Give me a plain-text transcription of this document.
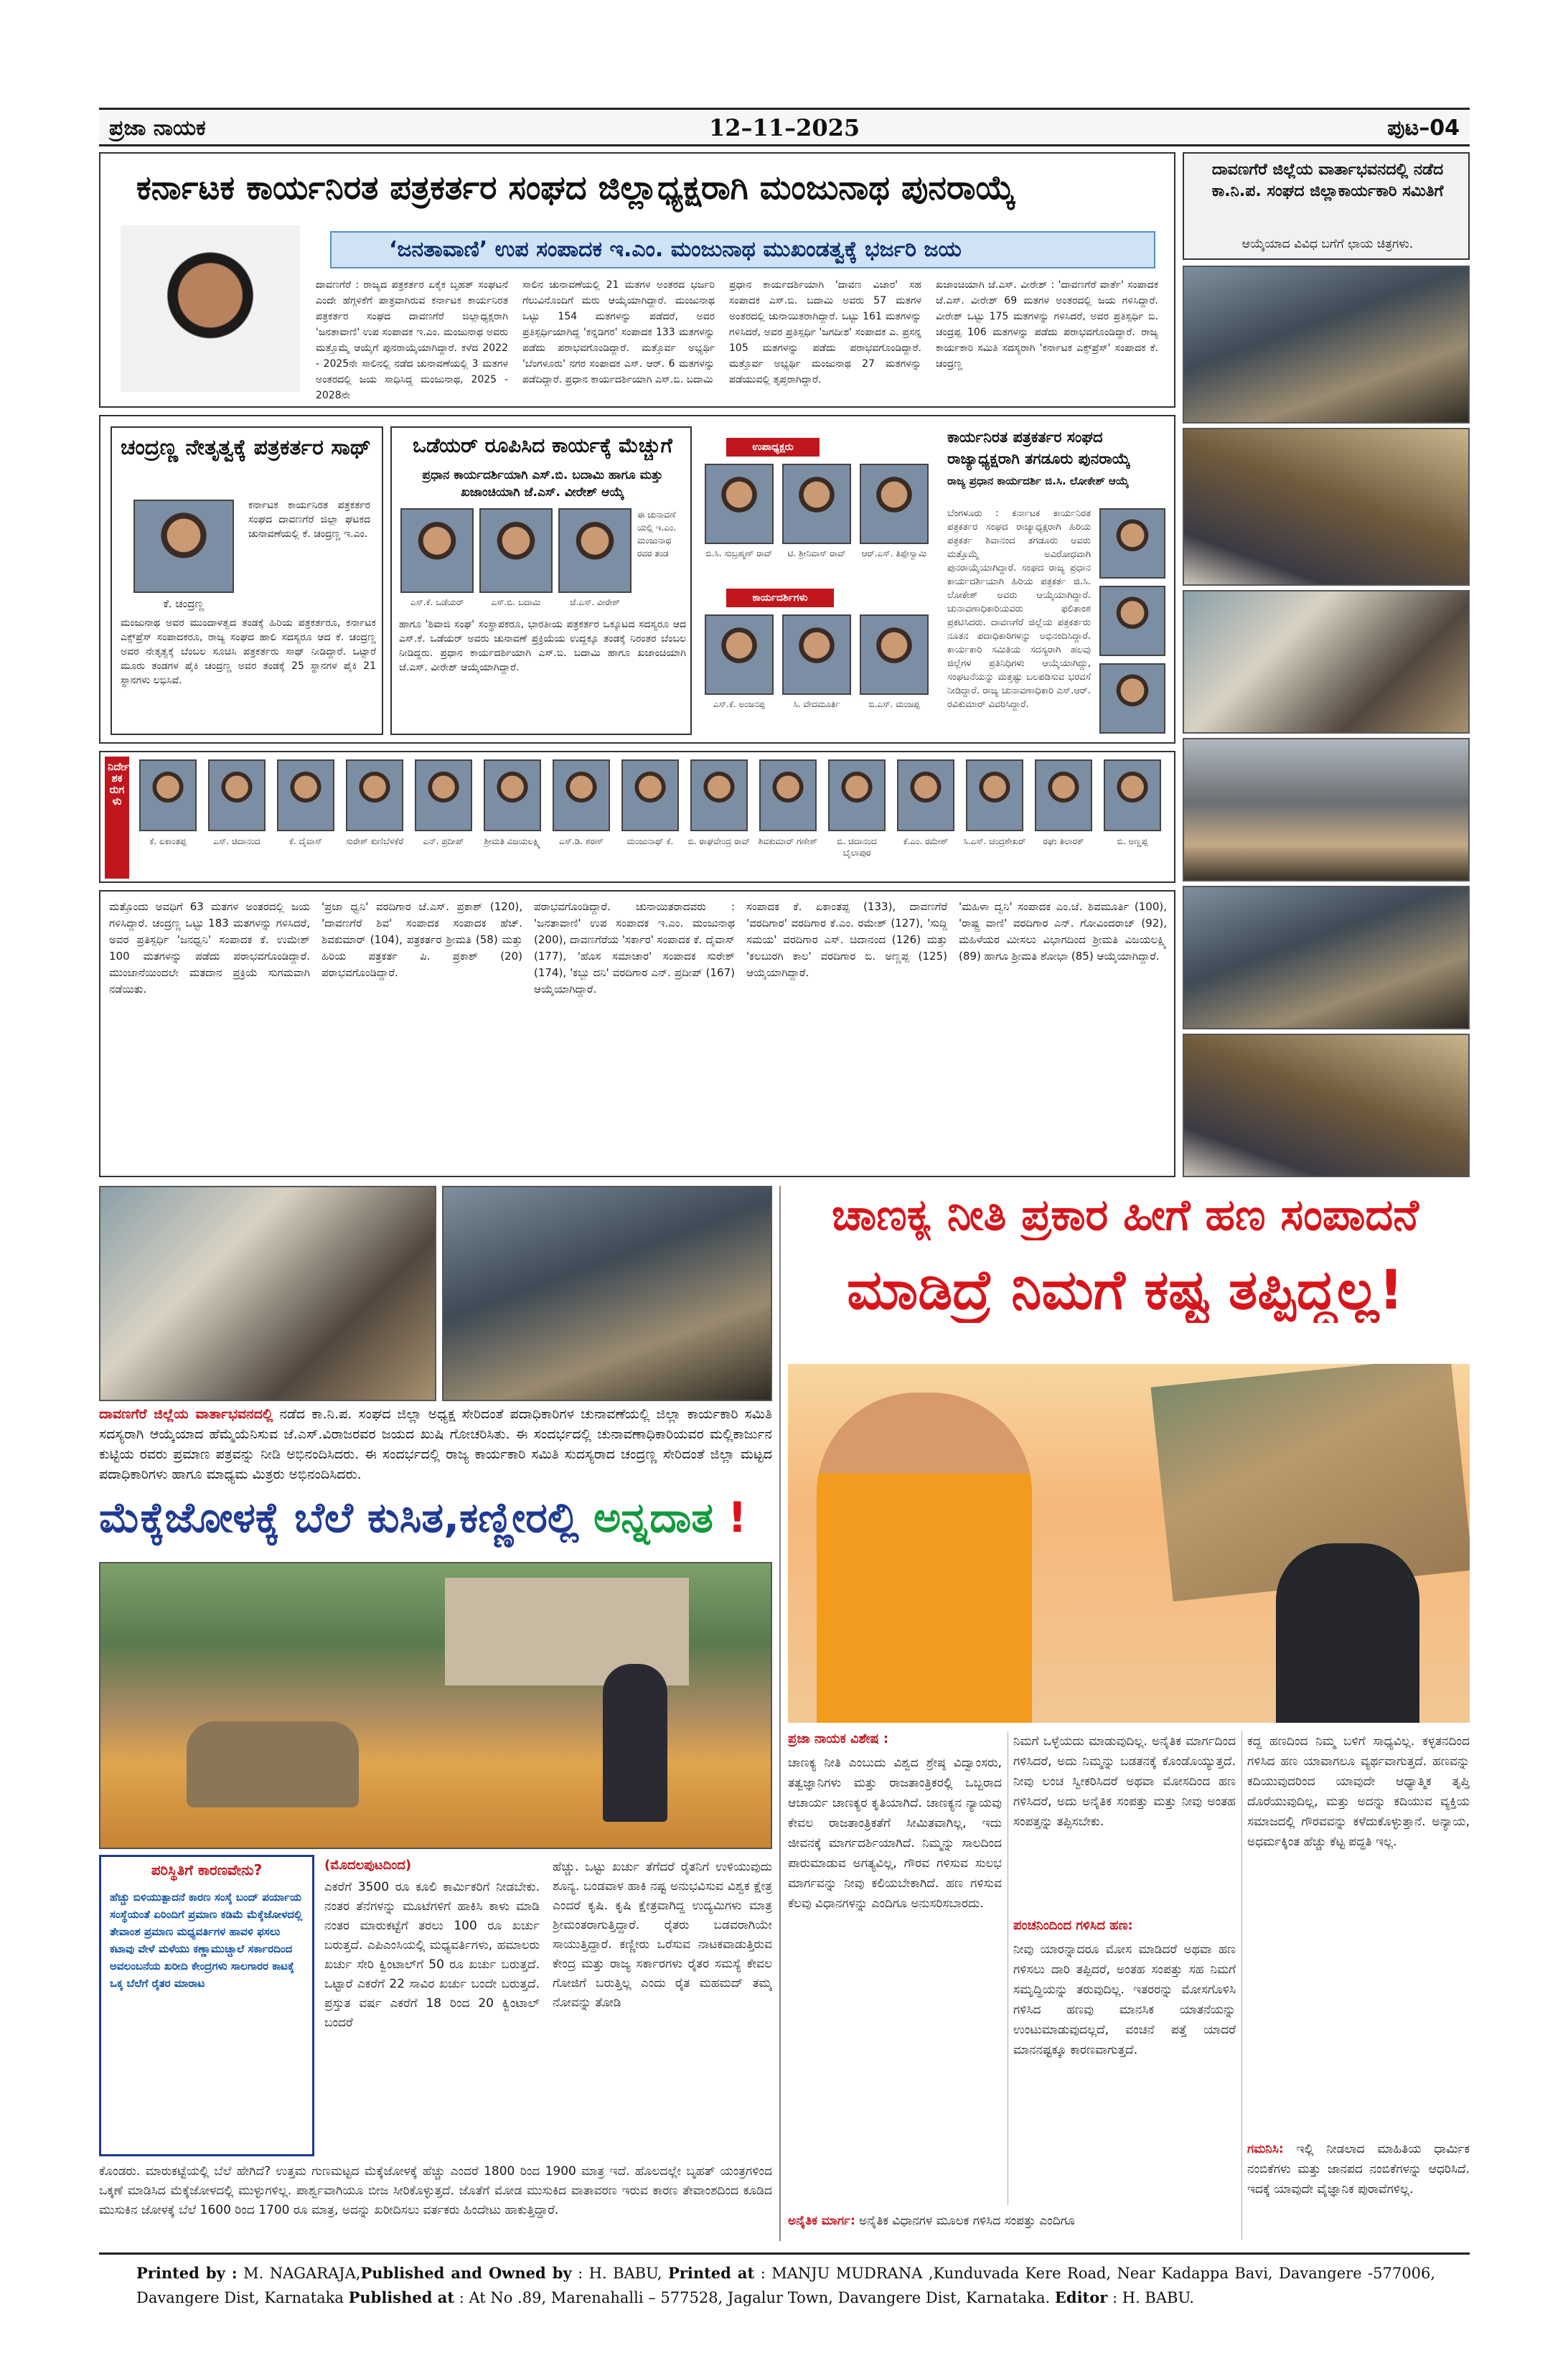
ಪ್ರಜಾ ನಾಯಕ	12–11–2025	ಪುಟ–04
ಕರ್ನಾಟಕ ಕಾರ್ಯನಿರತ ಪತ್ರಕರ್ತರ ಸಂಘದ ಜಿಲ್ಲಾಧ್ಯಕ್ಷರಾಗಿ ಮಂಜುನಾಥ ಪುನರಾಯ್ಕೆ
‘ಜನತಾವಾಣಿ’ ಉಪ ಸಂಪಾದಕ ಇ.ಎಂ. ಮಂಜುನಾಥ ಮುಖಂಡತ್ವಕ್ಕೆ ಭರ್ಜರಿ ಜಯ
ದಾವಣಗೆರೆ : ರಾಜ್ಯದ ಪತ್ರಕರ್ತರ ಏಕೈಕ ಬೃಹತ್ ಸಂಘಟನೆ ಎಂದೇ ಹೆಗ್ಗಳಿಕೆಗೆ ಪಾತ್ರವಾಗಿರುವ ಕರ್ನಾಟಕ ಕಾರ್ಯನಿರತ ಪತ್ರಕರ್ತರ ಸಂಘದ ದಾವಣಗೆರೆ ಜಿಲ್ಲಾಧ್ಯಕ್ಷರಾಗಿ 'ಜನತಾವಾಣಿ' ಉಪ ಸಂಪಾದಕ ಇ.ಎಂ. ಮಂಜುನಾಥ ಅವರು ಮತ್ತೊಮ್ಮೆ ಆಯ್ಕೆಗೆ ಪುನರಾಯ್ಕೆಯಾಗಿದ್ದಾರೆ. ಕಳೆದ 2022 - 2025ನೇ ಸಾಲಿನಲ್ಲಿ ನಡೆದ ಚುನಾವಣೆಯಲ್ಲಿ 3 ಮತಗಳ ಅಂತರದಲ್ಲಿ ಜಯ ಸಾಧಿಸಿದ್ದ ಮಂಜುನಾಥ, 2025 - 2028ನೇ
ಸಾಲಿನ ಚುನಾವಣೆಯಲ್ಲಿ 21 ಮತಗಳ ಅಂತರದ ಭರ್ಜರಿ ಗೆಲುವಿನೊಂದಿಗೆ ಮರು ಆಯ್ಕೆಯಾಗಿದ್ದಾರೆ. ಮಂಜುನಾಥ ಒಟ್ಟು 154 ಮತಗಳನ್ನು ಪಡೆದರೆ, ಅವರ ಪ್ರತಿಸ್ಪರ್ಧಿಯಾಗಿದ್ದ 'ಕನ್ನಡಿಗರ' ಸಂಪಾದಕ 133 ಮತಗಳನ್ನು ಪಡೆದು ಪರಾಭವಗೊಂಡಿದ್ದಾರೆ. ಮತ್ತೊರ್ವ ಅಭ್ಯರ್ಥಿ 'ಬೆಂಗಳೂರು' ನಗರ ಸಂಪಾದಕ ಎಸ್. ಆರ್. 6 ಮತಗಳನ್ನು ಪಡೆದಿದ್ದಾರೆ. ಪ್ರಧಾನ ಕಾರ್ಯದರ್ಶಿಯಾಗಿ ಎಸ್.ಬಿ. ಬದಾಮಿ
ಪ್ರಧಾನ ಕಾರ್ಯದರ್ಶಿಯಾಗಿ 'ದಾವಣ ವಿಜಾರ' ಸಹ ಸಂಪಾದಕ ಎಸ್.ಬಿ. ಬದಾಮಿ ಅವರು 57 ಮತಗಳ ಅಂತರದಲ್ಲಿ ಚುನಾಯಿತರಾಗಿದ್ದಾರೆ. ಒಟ್ಟು 161 ಮತಗಳನ್ನು ಗಳಿಸಿದರೆ, ಅವರ ಪ್ರತಿಸ್ಪರ್ಧಿ 'ಜಗದೀಶ' ಸಂಪಾದಕ ಎ. ಪ್ರಸನ್ನ 105 ಮತಗಳನ್ನು ಪಡೆದು ಪರಾಭವಗೊಂಡಿದ್ದಾರೆ. ಮತ್ತೊರ್ವ ಅಭ್ಯರ್ಥಿ ಮಂಜುನಾಥ 27 ಮತಗಳನ್ನು ಪಡೆಯುವಲ್ಲಿ ತೃಪ್ತರಾಗಿದ್ದಾರೆ.
ಖಜಾಂಚಿಯಾಗಿ ಜೆ.ಎಸ್. ವೀರೇಶ್ : 'ದಾವಣಗೆರೆ ವಾರ್ತೆ' ಸಂಪಾದಕ ಜೆ.ಎಸ್. ವೀರೇಶ್ 69 ಮತಗಳ ಅಂತರದಲ್ಲಿ ಜಯ ಗಳಿಸಿದ್ದಾರೆ. ವೀರೇಶ್ ಒಟ್ಟು 175 ಮತಗಳನ್ನು ಗಳಿಸಿದರೆ, ಅವರ ಪ್ರತಿಸ್ಪರ್ಧಿ ಬಿ. ಚಂದ್ರಪ್ಪ 106 ಮತಗಳನ್ನು ಪಡೆದು ಪರಾಭವಗೊಂಡಿದ್ದಾರೆ. ರಾಜ್ಯ ಕಾರ್ಯಕಾರಿ ಸಮಿತಿ ಸದಸ್ಯರಾಗಿ 'ಕರ್ನಾಟಕ ಎಕ್ಸ್‌ಪ್ರೆಸ್' ಸಂಪಾದಕ ಕೆ. ಚಂದ್ರಣ್ಣ
ದಾವಣಗೆರೆ ಜಿಲ್ಲೆಯ ವಾರ್ತಾಭವನದಲ್ಲಿ ನಡೆದ ಕಾ.ನಿ.ಪ. ಸಂಘದ ಜಿಲ್ಲಾಕಾರ್ಯಕಾರಿ ಸಮಿತಿಗೆ
ಆಯ್ಕೆಯಾದ ವಿವಿಧ ಬಗೆಗೆ ಛಾಯ ಚಿತ್ರಗಳು.
ಚಂದ್ರಣ್ಣ ನೇತೃತ್ವಕ್ಕೆ ಪತ್ರಕರ್ತರ ಸಾಥ್
ಕೆ. ಚಂದ್ರಣ್ಣ
ಕರ್ನಾಟಕ ಕಾರ್ಯನಿರತ ಪತ್ರಕರ್ತರ ಸಂಘದ ದಾವಣಗೆರೆ ಜಿಲ್ಲಾ ಘಟಕದ ಚುನಾವಣೆಯಲ್ಲಿ ಕೆ. ಚಂದ್ರಣ್ಣ ಇ.ಎಂ.
ಮಂಜುನಾಥ ಅವರ ಮುಂದಾಳತ್ವದ ತಂಡಕ್ಕೆ ಹಿರಿಯ ಪತ್ರಕರ್ತರೂ, ಕರ್ನಾಟಕ ಎಕ್ಸ್‌ಪ್ರೆಸ್ ಸಂಪಾದಕರೂ, ರಾಜ್ಯ ಸಂಘದ ಹಾಲಿ ಸದಸ್ಯರೂ ಆದ ಕೆ. ಚಂದ್ರಣ್ಣ ಅವರ ನೇತೃತ್ವಕ್ಕೆ ಬೆಂಬಲ ಸೂಚಿಸಿ ಪತ್ರಕರ್ತರು ಸಾಥ್ ನೀಡಿದ್ದಾರೆ. ಒಟ್ಟಾರೆ ಮೂರು ತಂಡಗಳ ಪೈಕಿ ಚಂದ್ರಣ್ಣ ಅವರ ತಂಡಕ್ಕೆ 25 ಸ್ಥಾನಗಳ ಪೈಕಿ 21 ಸ್ಥಾನಗಳು ಲಭಿಸಿವೆ.
ಒಡೆಯರ್ ರೂಪಿಸಿದ ಕಾರ್ಯಕ್ಕೆ ಮೆಚ್ಚುಗೆ
ಪ್ರಧಾನ ಕಾರ್ಯದರ್ಶಿಯಾಗಿ ಎಸ್.ಬಿ. ಬದಾಮಿ ಹಾಗೂ ಮತ್ತು ಖಜಾಂಚಿಯಾಗಿ ಜೆ.ಎಸ್. ವೀರೇಶ್ ಆಯ್ಕೆ
ಎಸ್.ಕೆ. ಒಡೆಯರ್	ಎಸ್.ಬಿ. ಬದಾಮಿ	ಜೆ.ಎಸ್. ವೀರೇಶ್
ಈ ಚುನಾವಣೆ ಯಲ್ಲಿ ಇ.ಎಂ. ಮಂಜುನಾಥ ರವರ ತಂಡ
ಹಾಗೂ 'ಶಿವಾಜಿ ಸಂಘ' ಸಂಸ್ಥಾಪಕರೂ, ಭಾರತೀಯ ಪತ್ರಕರ್ತರ ಒಕ್ಕೂಟದ ಸದಸ್ಯರೂ ಆದ ಎಸ್.ಕೆ. ಒಡೆಯರ್ ಅವರು ಚುನಾವಣೆ ಪ್ರಕ್ರಿಯೆಯ ಉದ್ದಕ್ಕೂ ತಂಡಕ್ಕೆ ನಿರಂತರ ಬೆಂಬಲ ನೀಡಿದ್ದರು. ಪ್ರಧಾನ ಕಾರ್ಯದರ್ಶಿಯಾಗಿ ಎಸ್.ಬಿ. ಬದಾಮಿ ಹಾಗೂ ಖಜಾಂಚಿಯಾಗಿ ಜೆ.ಎಸ್. ವೀರೇಶ್ ಆಯ್ಕೆಯಾಗಿದ್ದಾರೆ.
ಉಪಾಧ್ಯಕ್ಷರು
ಬಿ.ಸಿ. ಸುಬ್ರಹ್ಮಣ್ ರಾವ್	ಟಿ. ಶ್ರೀನಿವಾಸ್ ರಾವ್	ಆರ್.ಎಸ್. ತಿಪ್ಪೇಸ್ವಾಮಿ
ಕಾರ್ಯದರ್ಶಿಗಳು
ಎಸ್.ಕೆ. ಅಂಜನಪ್ಪ	ಸಿ. ವೇದಮೂರ್ತಿ	ಬಿ.ಎಸ್. ಮಂಜಪ್ಪ
ಕಾರ್ಯನಿರತ ಪತ್ರಕರ್ತರ ಸಂಘದ ರಾಜ್ಯಾಧ್ಯಕ್ಷರಾಗಿ ತಗಡೂರು ಪುನರಾಯ್ಕೆ
ರಾಜ್ಯ ಪ್ರಧಾನ ಕಾರ್ಯದರ್ಶಿ ಜಿ.ಸಿ. ಲೋಕೇಶ್ ಆಯ್ಕೆ
ಬೆಂಗಳೂರು : ಕರ್ನಾಟಕ ಕಾರ್ಯನಿರತ ಪತ್ರಕರ್ತರ ಸಂಘದ ರಾಜ್ಯಾಧ್ಯಕ್ಷರಾಗಿ ಹಿರಿಯ ಪತ್ರಕರ್ತ ಶಿವಾನಂದ ತಗಡೂರು ಅವರು ಮತ್ತೊಮ್ಮೆ ಅವಿರೋಧವಾಗಿ ಪುನರಾಯ್ಕೆಯಾಗಿದ್ದಾರೆ. ಸಂಘದ ರಾಜ್ಯ ಪ್ರಧಾನ ಕಾರ್ಯದರ್ಶಿಯಾಗಿ ಹಿರಿಯ ಪತ್ರಕರ್ತ ಜಿ.ಸಿ. ಲೋಕೇಶ್ ಅವರು ಆಯ್ಕೆಯಾಗಿದ್ದಾರೆ. ಚುನಾವಣಾಧಿಕಾರಿಯವರು ಫಲಿತಾಂಶ ಪ್ರಕಟಿಸಿದರು. ದಾವಣಗೆರೆ ಜಿಲ್ಲೆಯ ಪತ್ರಕರ್ತರು ನೂತನ ಪದಾಧಿಕಾರಿಗಳನ್ನು ಅಭಿನಂದಿಸಿದ್ದಾರೆ. ಕಾರ್ಯಕಾರಿ ಸಮಿತಿಯ ಸದಸ್ಯರಾಗಿ ಹಲವು ಜಿಲ್ಲೆಗಳ ಪ್ರತಿನಿಧಿಗಳು ಆಯ್ಕೆಯಾಗಿದ್ದು, ಸಂಘಟನೆಯನ್ನು ಮತ್ತಷ್ಟು ಬಲಪಡಿಸುವ ಭರವಸೆ ನೀಡಿದ್ದಾರೆ. ರಾಜ್ಯ ಚುನಾವಣಾಧಿಕಾರಿ ಎಸ್.ಆರ್. ರವಿಕುಮಾರ್ ವಿವರಿಸಿದ್ದಾರೆ.
ನಿರ್ದೇಶಕರುಗಳು
ಕೆ. ಏಕಾಂತಪ್ಪ	ಎಸ್. ಚಿದಾನಂದ	ಕೆ. ದೈವಾಸ್	ಸುರೇಶ್ ಕುಣಿಬೆಳಕೆರೆ	ಎನ್. ಪ್ರದೀಪ್	ಶ್ರೀಮತಿ ವಿಜಯಲಕ್ಷ್ಮಿ	ಎಸ್.ಡಿ. ಶರಣ್	ಮಂಜುನಾಥ್ ಕೆ.	ಬಿ. ರಾಘವೇಂದ್ರ ರಾವ್ ಶಿವಕುಮಾರ್ ಗಣೇಶ್	ಬಿ. ಚಿದಾನಂದ ಬೈಲಾಪುರ
ಕೆ.ಎಂ. ರಮೇಶ್	ಸಿ.ಎಸ್. ಚಂದ್ರಶೇಖರ್	ರಘು ತಿಲಾರಕ್	ಬಿ. ಅಣ್ಣಪ್ಪ
ಮತ್ತೊಂದು ಅವಧಿಗೆ 63 ಮತಗಳ ಅಂತರದಲ್ಲಿ ಜಯ ಗಳಿಸಿದ್ದಾರೆ. ಚಂದ್ರಣ್ಣ ಒಟ್ಟು 183 ಮತಗಳನ್ನು ಗಳಿಸಿದರೆ, ಅವರ ಪ್ರತಿಸ್ಪರ್ಧಿ 'ಜನಧ್ವನಿ' ಸಂಪಾದಕ ಕೆ. ಉಮೇಶ್ 100 ಮತಗಳನ್ನು ಪಡೆದು ಪರಾಭವಗೊಂಡಿದ್ದಾರೆ. ಮುಂಜಾನೆಯಿಂದಲೇ ಮತದಾನ ಪ್ರಕ್ರಿಯೆ ಸುಗಮವಾಗಿ ನಡೆಯಿತು.
'ಪ್ರಜಾ ಧ್ವನಿ' ವರದಿಗಾರ ಜೆ.ಎಸ್. ಪ್ರಕಾಶ್ (120), 'ದಾವಣಗೆರೆ ಶಿವ' ಸಂಪಾದಕ ಸಂಪಾದಕ ಹೆಚ್. ಶಿವಕುಮಾರ್ (104), ಪತ್ರಕರ್ತರ ಶ್ರೀಮತಿ (58) ಮತ್ತು ಹಿರಿಯ ಪತ್ರಕರ್ತ ಪಿ. ಪ್ರಕಾಶ್ (20) ಪರಾಭವಗೊಂಡಿದ್ದಾರೆ.
ಪರಾಭವಗೊಂಡಿದ್ದಾರೆ. ಚುನಾಯಿತರಾದವರು : 'ಜನತಾವಾಣಿ' ಉಪ ಸಂಪಾದಕ ಇ.ಎಂ. ಮಂಜುನಾಥ (200), ದಾವಣಗೆರೆಯ 'ಸರ್ಕಾರ' ಸಂಪಾದಕ ಕೆ. ದೈವಾಸ್ (177), 'ಹೊಸ ಸಮಾಚಾರ' ಸಂಪಾದಕ ಸುರೇಶ್ (174), 'ಕಬ್ಬು ದನಿ' ವರದಿಗಾರ ಎನ್. ಪ್ರದೀಪ್ (167) ಆಯ್ಕೆಯಾಗಿದ್ದಾರೆ.
ಸಂಪಾದಕ ಕೆ. ಏಕಾಂತಪ್ಪ (133), ದಾವಣಗೆರೆ 'ವರದಿಗಾರ' ವರದಿಗಾರ ಕೆ.ಎಂ. ರಮೇಶ್ (127), 'ಸುದ್ದಿ ಸಮಯ' ವರದಿಗಾರ ಎಸ್. ಚಿದಾನಂದ (126) ಮತ್ತು 'ಕಲಬುರಗಿ ಕಾಲ' ವರದಿಗಾರ ಬಿ. ಅಣ್ಣಪ್ಪ (125) ಆಯ್ಕೆಯಾಗಿದ್ದಾರೆ.
'ಮಹಿಳಾ ದ್ವನಿ' ಸಂಪಾದಕ ಎಂ.ಜೆ. ಶಿವಮೂರ್ತಿ (100), 'ರಾಷ್ಟ್ರ ವಾಣಿ' ವರದಿಗಾರ ಎನ್. ಗೋವಿಂದರಾಜ್ (92), ಮಹಿಳೆಯರ ಮೀಸಲು ವಿಭಾಗದಿಂದ ಶ್ರೀಮತಿ ವಿಜಯಲಕ್ಷ್ಮಿ (89) ಹಾಗೂ ಶ್ರೀಮತಿ ಶೋಭಾ (85) ಆಯ್ಕೆಯಾಗಿದ್ದಾರೆ.
ದಾವಣಗೆರೆ ಜಿಲ್ಲೆಯ ವಾರ್ತಾಭವನದಲ್ಲಿ ನಡೆದ ಕಾ.ನಿ.ಪ. ಸಂಘದ ಜಿಲ್ಲಾ ಅಧ್ಯಕ್ಷ ಸೇರಿದಂತೆ ಪದಾಧಿಕಾರಿಗಳ ಚುನಾವಣೆಯಲ್ಲಿ ಜಿಲ್ಲಾ ಕಾರ್ಯಕಾರಿ ಸಮಿತಿ ಸದಸ್ಯರಾಗಿ ಆಯ್ಕೆಯಾದ ಹೆಮ್ಮೆಯೆನಿಸುವ ಜೆ.ಎಸ್.ವಿರಾಜರವರ ಜಯದ ಖುಷಿ ಗೋಚರಿಸಿತು. ಈ ಸಂದರ್ಭದಲ್ಲಿ ಚುನಾವಣಾಧಿಕಾರಿಯವರ ಮಲ್ಲಿಕಾರ್ಜುನ ಕುಟ್ಟಿಯ ರವರು ಪ್ರಮಾಣ ಪತ್ರವನ್ನು ನೀಡಿ ಅಭಿನಂದಿಸಿದರು. ಈ ಸಂದರ್ಭದಲ್ಲಿ ರಾಜ್ಯ ಕಾರ್ಯಕಾರಿ ಸಮಿತಿ ಸುದಸ್ಯರಾದ ಚಂದ್ರಣ್ಣ ಸೇರಿದಂತೆ ಜಿಲ್ಲಾ ಮಟ್ಟದ ಪದಾಧಿಕಾರಿಗಳು ಹಾಗೂ ಮಾಧ್ಯಮ ಮಿತ್ರರು ಅಭಿನಂದಿಸಿದರು.
ಮೆಕ್ಕೆಜೋಳಕ್ಕೆ ಬೆಲೆ ಕುಸಿತ,ಕಣ್ಣೀರಲ್ಲಿ ಅನ್ನದಾತ !
ಪರಿಸ್ಥಿತಿಗೆ ಕಾರಣವೇನು?
ಹೆಚ್ಚು ಬಿಳಿಯುತ್ಪಾದನೆ ಕಾರಣ ಸಂಸ್ಕೆ ಬಂದ್ ಪರ್ಯಾಯ ಸಂಸ್ಥೆಯಂತೆ ಏರಿಂದಿಗೆ ಪ್ರಮಾಣ ಕಡಿಮೆ ಮೆಕ್ಕೆಜೋಳದಲ್ಲಿ ತೇವಾಂಶ ಪ್ರಮಾಣ ಮಧ್ಯವರ್ತಿಗಳ ಹಾವಳಿ ಫಸಲು ಕಟಾವು ವೇಳೆ ಮಳೆಯು ಕಣ್ಣಾಮುಚ್ಚಾಲೆ ಸರ್ಕಾರದಿಂದ ಅವಲಂಬನೆಯ ಖರೀದಿ ಕೇಂದ್ರಗಳು ಸಾಲಗಾರರ ಕಾಟಕ್ಕೆ ಒಕ್ಕ ಬೆಲೆಗೆ ರೈತರ ಮಾರಾಟ
(ಮೊದಲಪುಟದಿಂದ)
ಎಕರೆಗೆ 3500 ರೂ ಕೂಲಿ ಕಾರ್ಮಿಕರಿಗೆ ನೀಡಬೇಕು. ನಂತರ ತೆನೆಗಳನ್ನು ಮೂಟೆಗಳಿಗೆ ಹಾಕಿಸಿ ಕಾಳು ಮಾಡಿ ನಂತರ ಮಾರುಕಟ್ಟೆಗೆ ತರಲು 100 ರೂ ಖರ್ಚು ಬರುತ್ತದೆ. ಎಪಿಎಂಸಿಯಲ್ಲಿ ಮಧ್ಯವರ್ತಿಗಳು, ಹಮಾಲರು ಖರ್ಚು ಸೇರಿ ಕ್ವಿಂಟಾಲ್‌ಗೆ 50 ರೂ ಖರ್ಚು ಬರುತ್ತದೆ. ಒಟ್ಟಾರೆ ಎಕರೆಗೆ 22 ಸಾವಿರ ಖರ್ಚು ಬಂದೇ ಬರುತ್ತದೆ. ಪ್ರಸ್ತುತ ವರ್ಷ ಎಕರೆಗೆ 18 ರಿಂದ 20 ಕ್ವಿಂಟಾಲ್ ಬಂದರೆ
ಹೆಚ್ಚು. ಒಟ್ಟು ಖರ್ಚು ತೆಗೆದರೆ ರೈತನಿಗೆ ಉಳಿಯುವುದು ಶೂನ್ಯ. ಬಂಡವಾಳ ಹಾಕಿ ನಷ್ಟ ಅನುಭವಿಸುವ ವಿಶ್ವಕ ಕ್ಷೇತ್ರ ಎಂದರೆ ಕೃಷಿ. ಕೃಷಿ ಕ್ಷೇತ್ರವಾಗಿದ್ದ ಉದ್ಯಮಿಗಳು ಮಾತ್ರ ಶ್ರೀಮಂತರಾಗುತ್ತಿದ್ದಾರೆ. ರೈತರು ಬಡವರಾಗಿಯೇ ಸಾಯುತ್ತಿದ್ದಾರೆ. ಕಣ್ಣೀರು ಒರೆಸುವ ನಾಟಕವಾಡುತ್ತಿರುವ ಕೇಂದ್ರ ಮತ್ತು ರಾಜ್ಯ ಸರ್ಕಾರಗಳು ರೈತರ ಸಮಸ್ಯೆ ಕೇವಲ ಗೋಜಿಗೆ ಬರುತ್ತಿಲ್ಲ ಎಂದು ರೈತ ಮಹಮದ್ ತಮ್ಮ ನೋವನ್ನು ತೋಡಿ
ಕೊಂಡರು. ಮಾರುಕಟ್ಟೆಯಲ್ಲಿ ಬೆಲೆ ಹೇಗಿದೆ? ಉತ್ತಮ ಗುಣಮಟ್ಟದ ಮೆಕ್ಕೆಜೋಳಕ್ಕೆ ಹೆಚ್ಚು ಎಂದರೆ 1800 ರಿಂದ 1900 ಮಾತ್ರ ಇದೆ. ಹೊಲದಲ್ಲೇ ಬೃಹತ್ ಯಂತ್ರಗಳಿಂದ ಒಕ್ಕಣೆ ಮಾಡಿಸಿದ ಮೆಕ್ಕೆಜೋಳದಲ್ಲಿ ಮುಳ್ಳುಗಳಿಲ್ಲ. ಪಾರ್ಶ್ವವಾಗಿಯೂ ಬೀಜ ಸೀರಿಕೊಳ್ಳುತ್ತದೆ. ಜೊತೆಗೆ ಮೋಡ ಮುಸುಕಿದ ವಾತಾವರಣ ಇರುವ ಕಾರಣ ತೇವಾಂಶದಿಂದ ಕೂಡಿದ ಮುಸುಕಿನ ಜೋಳಕ್ಕೆ ಬೆಲೆ 1600 ರಿಂದ 1700 ರೂ ಮಾತ್ರ, ಅದನ್ನು ಖರೀದಿಸಲು ವರ್ತಕರು ಹಿಂದೇಟು ಹಾಕುತ್ತಿದ್ದಾರೆ.
ಚಾಣಕ್ಯ ನೀತಿ ಪ್ರಕಾರ ಹೀಗೆ ಹಣ ಸಂಪಾದನೆ
ಮಾಡಿದ್ರೆ ನಿಮಗೆ ಕಷ್ಟ ತಪ್ಪಿದ್ದಲ್ಲ!
ಪ್ರಜಾ ನಾಯಕ ವಿಶೇಷ :
ಚಾಣಕ್ಯ ನೀತಿ ಎಂಬುದು ವಿಶ್ವದ ಶ್ರೇಷ್ಠ ವಿದ್ವಾಂಸರು, ತತ್ವಜ್ಞಾನಿಗಳು ಮತ್ತು ರಾಜತಾಂತ್ರಿಕರಲ್ಲಿ ಒಬ್ಬರಾದ ಆಚಾರ್ಯ ಚಾಣಕ್ಯರ ಕೃತಿಯಾಗಿದೆ. ಚಾಣಕ್ಯನ ನ್ಯಾಯವು ಕೇವಲ ರಾಜತಾಂತ್ರಿಕತೆಗೆ ಸೀಮಿತವಾಗಿಲ್ಲ, ಇದು ಜೀವನಕ್ಕೆ ಮಾರ್ಗದರ್ಶಿಯಾಗಿದೆ. ನಿಮ್ಮನ್ನು ಸಾಲದಿಂದ ಪಾರುಮಾಡುವ ಅಗತ್ಯವಿಲ್ಲ, ಗೌರವ ಗಳಿಸುವ ಸುಲಭ ಮಾರ್ಗವನ್ನು ನೀವು ಕಲಿಯಬೇಕಾಗಿದೆ. ಹಣ ಗಳಿಸುವ ಕೆಲವು ವಿಧಾನಗಳನ್ನು ಎಂದಿಗೂ ಅನುಸರಿಸಬಾರದು.
ನಿಮಗೆ ಒಳ್ಳೆಯದು ಮಾಡುವುದಿಲ್ಲ. ಅನೈತಿಕ ಮಾರ್ಗದಿಂದ ಗಳಿಸಿದರೆ, ಅದು ನಿಮ್ಮನ್ನು ಬಡತನಕ್ಕೆ ಕೊಂಡೊಯ್ಯುತ್ತದೆ. ನೀವು ಲಂಚ ಸ್ವೀಕರಿಸಿದರೆ ಅಥವಾ ಮೋಸದಿಂದ ಹಣ ಗಳಿಸಿದರೆ, ಅದು ಅನೈತಿಕ ಸಂಪತ್ತು ಮತ್ತು ನೀವು ಅಂತಹ ಸಂಪತ್ತನ್ನು ತಪ್ಪಿಸಬೇಕು.
ಪಂಚನಿಂದಿಂದ ಗಳಿಸಿದ ಹಣ:
ನೀವು ಯಾರನ್ನಾದರೂ ಮೋಸ ಮಾಡಿದರೆ ಅಥವಾ ಹಣ ಗಳಿಸಲು ದಾರಿ ತಪ್ಪಿದರೆ, ಅಂತಹ ಸಂಪತ್ತು ಸಹ ನಿಮಗೆ ಸಮೃದ್ಧಿಯನ್ನು ತರುವುದಿಲ್ಲ. ಇತರರನ್ನು ಮೋಸಗೊಳಿಸಿ ಗಳಿಸಿದ ಹಣವು ಮಾನಸಿಕ ಯಾತನೆಯನ್ನು ಉಂಟುಮಾಡುವುದಲ್ಲದೆ, ವಂಚನೆ ಪತ್ತೆ ಯಾದರೆ ಮಾನನಷ್ಟಕ್ಕೂ ಕಾರಣವಾಗುತ್ತದೆ.
ಅನೈತಿಕ ಮಾರ್ಗ: ಅನೈತಿಕ ವಿಧಾನಗಳ ಮೂಲಕ ಗಳಿಸಿದ ಸಂಪತ್ತು ಎಂದಿಗೂ
ಕದ್ದ ಹಣದಿಂದ ನಿಮ್ಮ ಬಳಿಗೆ ಸಾಧ್ಯವಿಲ್ಲ. ಕಳ್ಳತನದಿಂದ ಗಳಿಸಿದ ಹಣ ಯಾವಾಗಲೂ ವ್ಯರ್ಥವಾಗುತ್ತದೆ. ಹಣವನ್ನು ಕದಿಯುವುದರಿಂದ ಯಾವುದೇ ಆಧ್ಯಾತ್ಮಿಕ ತೃಪ್ತಿ ದೊರೆಯುವುದಿಲ್ಲ, ಮತ್ತು ಅದನ್ನು ಕದಿಯುವ ವ್ಯಕ್ತಿಯ ಸಮಾಜದಲ್ಲಿ ಗೌರವವನ್ನು ಕಳೆದುಕೊಳ್ಳುತ್ತಾನೆ. ಅನ್ಯಾಯ, ಅಧರ್ಮಕ್ಕಿಂತ ಹೆಚ್ಚು ಕೆಟ್ಟ ಪದ್ಧತಿ ಇಲ್ಲ.
ಗಮನಿಸಿ: ಇಲ್ಲಿ ನೀಡಲಾದ ಮಾಹಿತಿಯ ಧಾರ್ಮಿಕ ನಂಬಿಕೆಗಳು ಮತ್ತು ಜಾನಪದ ನಂಬಿಕೆಗಳನ್ನು ಆಧರಿಸಿದೆ. ಇದಕ್ಕೆ ಯಾವುದೇ ವೈಜ್ಞಾನಿಕ ಪುರಾವೆಗಳಿಲ್ಲ.
Printed by : M. NAGARAJA,Published and Owned by : H. BABU, Printed at : MANJU MUDRANA ,Kunduvada Kere Road, Near Kadappa Bavi, Davangere -577006, Davangere Dist, Karnataka Published at : At No .89, Marenahalli – 577528, Jagalur Town, Davangere Dist, Karnataka. Editor : H. BABU.
